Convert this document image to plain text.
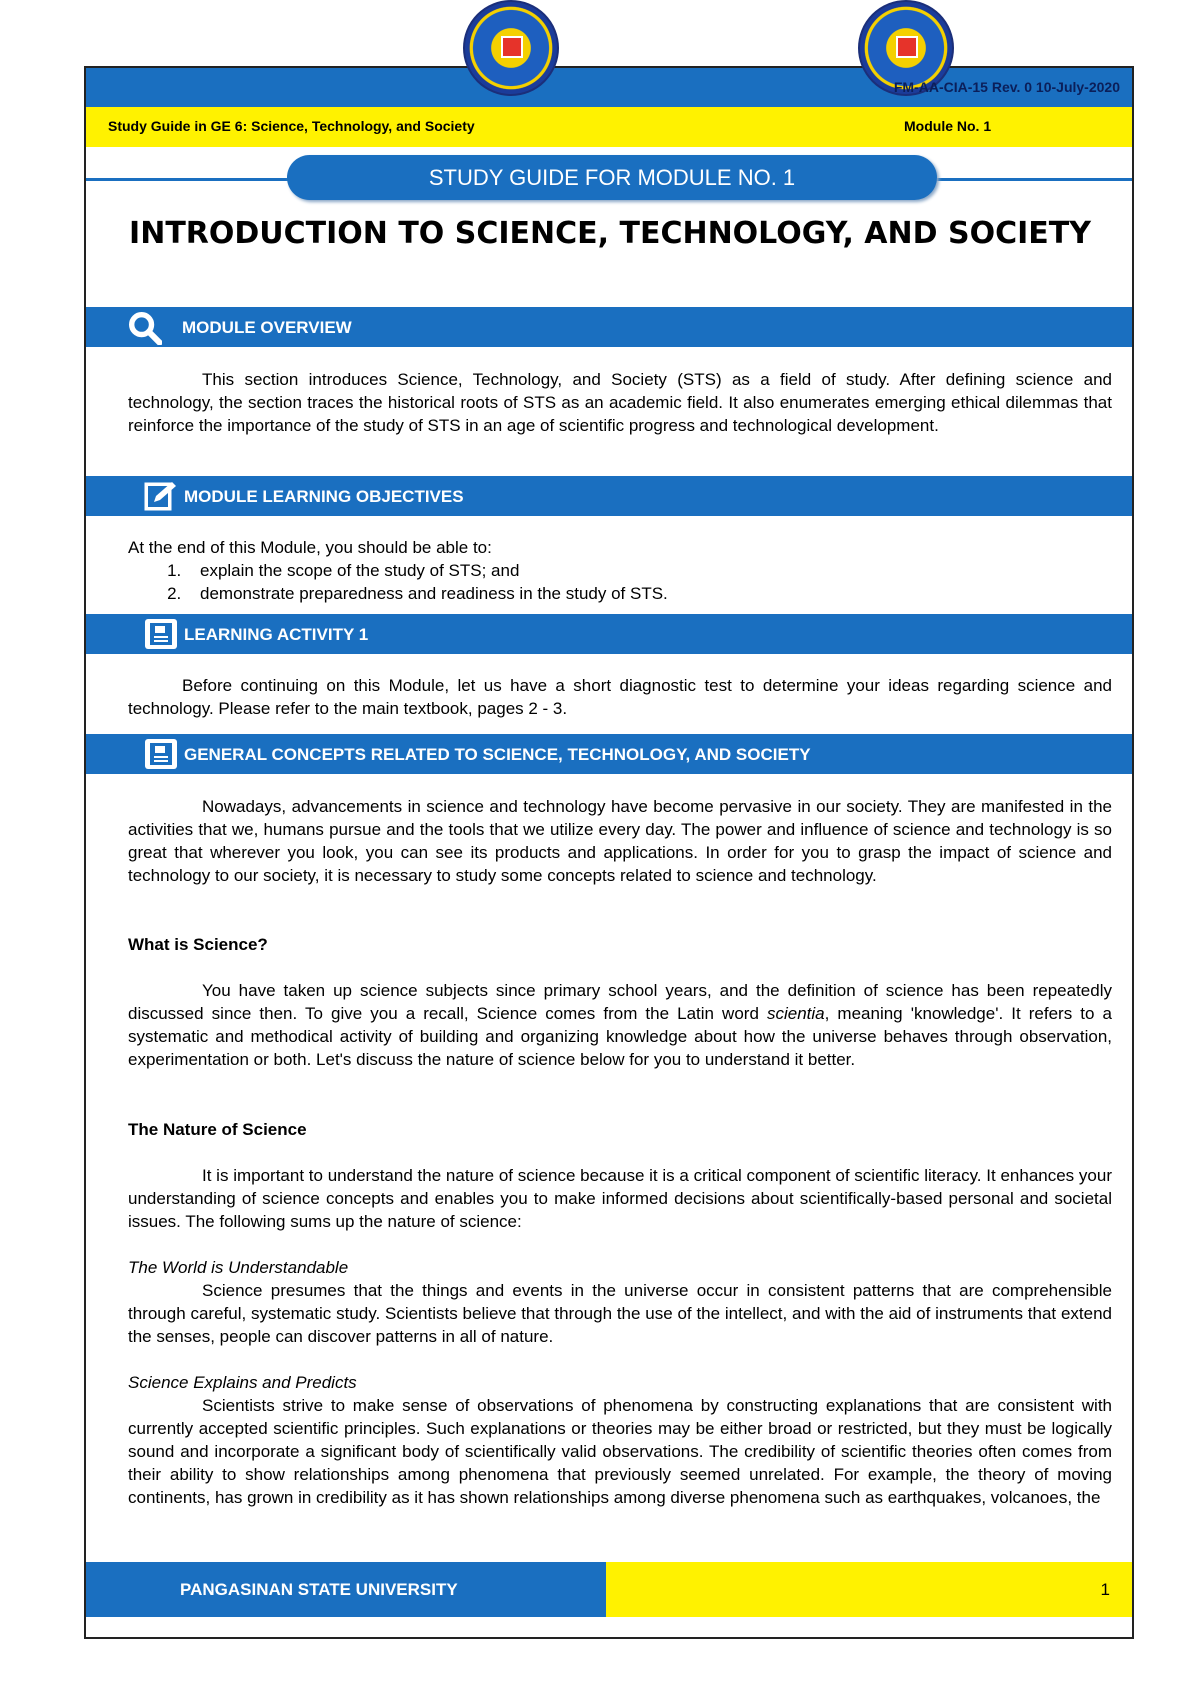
FM-AA-CIA-15 Rev. 0 10-July-2020
Study Guide in GE 6: Science, Technology, and Society	Module No. 1
STUDY GUIDE FOR MODULE NO. 1
INTRODUCTION TO SCIENCE, TECHNOLOGY, AND SOCIETY
MODULE OVERVIEW
This section introduces Science, Technology, and Society (STS) as a field of study. After defining science and technology, the section traces the historical roots of STS as an academic field. It also enumerates emerging ethical dilemmas that reinforce the importance of the study of STS in an age of scientific progress and technological development.
MODULE LEARNING OBJECTIVES
At the end of this Module, you should be able to:
1. explain the scope of the study of STS; and
2. demonstrate preparedness and readiness in the study of STS.
LEARNING ACTIVITY 1
Before continuing on this Module, let us have a short diagnostic test to determine your ideas regarding science and technology. Please refer to the main textbook, pages 2 - 3.
GENERAL CONCEPTS RELATED TO SCIENCE, TECHNOLOGY, AND SOCIETY
Nowadays, advancements in science and technology have become pervasive in our society. They are manifested in the activities that we, humans pursue and the tools that we utilize every day. The power and influence of science and technology is so great that wherever you look, you can see its products and applications. In order for you to grasp the impact of science and technology to our society, it is necessary to study some concepts related to science and technology.
What is Science?
You have taken up science subjects since primary school years, and the definition of science has been repeatedly discussed since then. To give you a recall, Science comes from the Latin word scientia, meaning 'knowledge'. It refers to a systematic and methodical activity of building and organizing knowledge about how the universe behaves through observation, experimentation or both. Let's discuss the nature of science below for you to understand it better.
The Nature of Science
It is important to understand the nature of science because it is a critical component of scientific literacy. It enhances your understanding of science concepts and enables you to make informed decisions about scientifically-based personal and societal issues. The following sums up the nature of science:
The World is Understandable
Science presumes that the things and events in the universe occur in consistent patterns that are comprehensible through careful, systematic study. Scientists believe that through the use of the intellect, and with the aid of instruments that extend the senses, people can discover patterns in all of nature.
Science Explains and Predicts
Scientists strive to make sense of observations of phenomena by constructing explanations that are consistent with currently accepted scientific principles. Such explanations or theories may be either broad or restricted, but they must be logically sound and incorporate a significant body of scientifically valid observations. The credibility of scientific theories often comes from their ability to show relationships among phenomena that previously seemed unrelated. For example, the theory of moving continents, has grown in credibility as it has shown relationships among diverse phenomena such as earthquakes, volcanoes, the
PANGASINAN STATE UNIVERSITY	1
